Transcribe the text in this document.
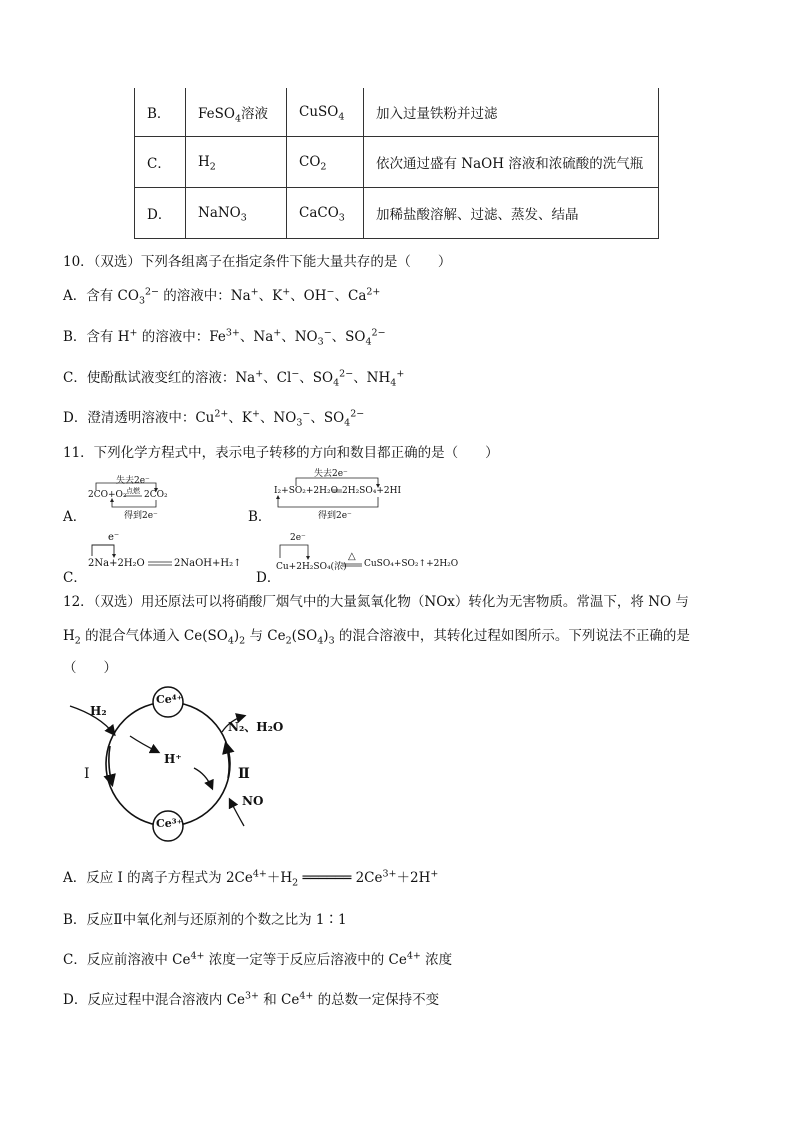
B．	FeSO$_4$溶液	CuSO$_4$	加入过量铁粉并过滤
C．	$H_2$	$CO_2$	依次通过盛有 NaOH 溶液和浓硫酸的洗气瓶
D．	NaNO$_3$	CaCO$_3$	加稀盐酸溶解、过滤、蒸发、结晶
10．（双选）下列各组离子在指定条件下能大量共存的是（　　）
A．含有 $CO_3^{2-}$ 的溶液中：Na+、K+、OH−、$Ca^{2+}$
B．含有 H+ 的溶液中：$Fe^{3+}$、Na+、$NO_3^-$、$SO_4^{2-}$
C．使酚酞试液变红的溶液：Na+、Cl−、$SO_4^{2-}$、$NH_4^+$
D．澄清透明溶液中：$Cu^{2+}$、K+、$NO_3^-$、$SO_4^{2-}$
11．下列化学方程式中，表示电子转移的方向和数目都正确的是（　　）
A．	B．
C．	D．
失去2e⁻
2CO+O₂ 点燃 2CO₂
得到2e⁻
失去2e⁻
I₂+SO₂+2H₂O 2H₂SO₄+2HI
得到2e⁻
e⁻
2Na+2H₂O	2NaOH+H₂↑
2e⁻
Cu+2H₂SO₄(浓)
△
CuSO₄+SO₂↑+2H₂O
12．（双选）用还原法可以将硝酸厂烟气中的大量氮氧化物（NOx）转化为无害物质。常温下，将 NO 与
$H_2$ 的混合气体通入 $Ce(SO_4)_2$ 与 $Ce_2(SO_4)_3$ 的混合溶液中，其转化过程如图所示。下列说法不正确的是
（　　）
Ce⁴⁺
Ce³⁺
H₂
H⁺
N₂、H₂O
NO
Ⅰ	Ⅱ
A．反应 Ⅰ 的离子方程式为 $2Ce^{4+}+H_2$ ══════ $2Ce^{3+}+2H^+$
B．反应Ⅱ中氧化剂与还原剂的个数之比为 1∶1
C．反应前溶液中 $Ce^{4+}$ 浓度一定等于反应后溶液中的 $Ce^{4+}$ 浓度
D．反应过程中混合溶液内 $Ce^{3+}$ 和 $Ce^{4+}$ 的总数一定保持不变
